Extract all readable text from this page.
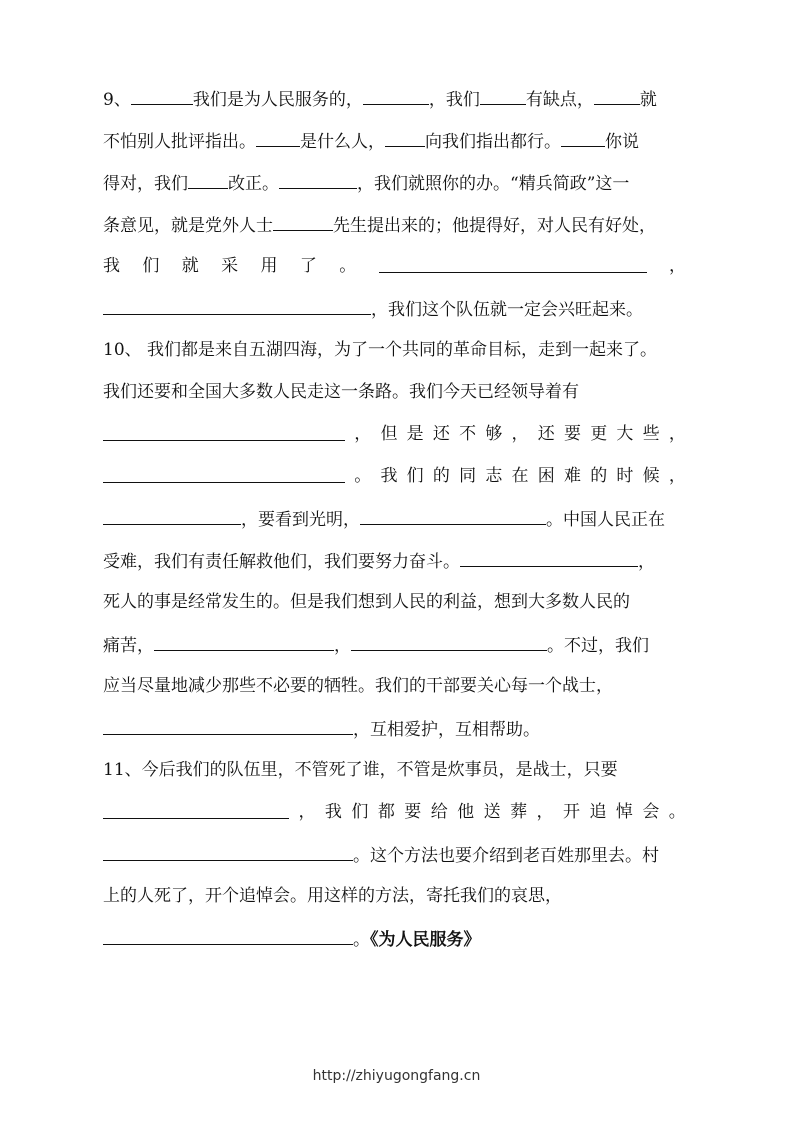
9、	我们是为人民服务的，	，我们	有缺点，	就
不怕别人批评指出。	是什么人， 向我们指出都行。	你说
得对，我们 改正。	，我们就照你的办。“精兵简政”这一
条意见，就是党外人士	先生提出来的；他提得好，对人民有好处，
我 们 就 采 用 了 。	，
，我们这个队伍就一定会兴旺起来。
10、 我们都是来自五湖四海，为了一个共同的革命目标，走到一起来了。
我们还要和全国大多数人民走这一条路。我们今天已经领导着有
， 但 是 还 不 够 ， 还 要 更 大 些 ，
。 我 们 的 同 志 在 困 难 的 时 候 ，
，要看到光明，	。中国人民正在
受难，我们有责任解救他们，我们要努力奋斗。	，
死人的事是经常发生的。但是我们想到人民的利益，想到大多数人民的
痛苦，	，	。不过，我们
应当尽量地减少那些不必要的牺牲。我们的干部要关心每一个战士，
，互相爱护，互相帮助。
11、今后我们的队伍里，不管死了谁，不管是炊事员，是战士，只要
， 我 们 都 要 给 他 送 葬 ， 开 追 悼 会 。
。这个方法也要介绍到老百姓那里去。村
上的人死了，开个追悼会。用这样的方法，寄托我们的哀思，
。《为人民服务》
http://zhiyugongfang.cn
